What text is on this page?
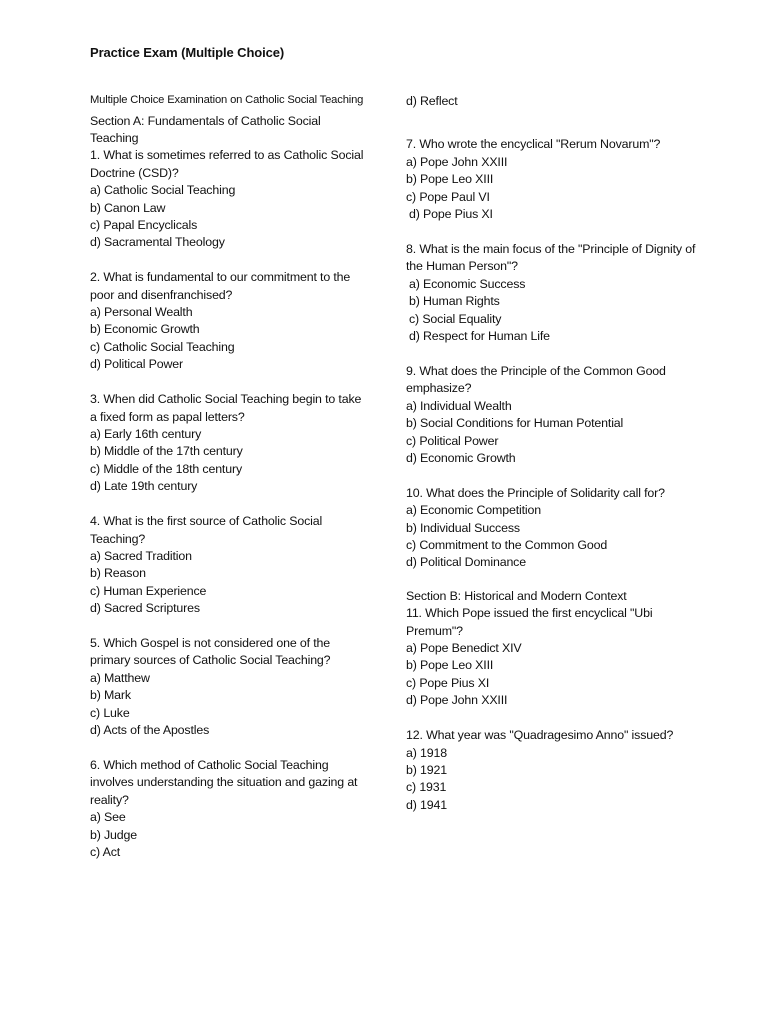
Practice Exam (Multiple Choice)
Multiple Choice Examination on Catholic Social Teaching
Section A: Fundamentals of Catholic Social Teaching
1. What is sometimes referred to as Catholic Social Doctrine (CSD)?
a) Catholic Social Teaching
b) Canon Law
c) Papal Encyclicals
d) Sacramental Theology
2. What is fundamental to our commitment to the poor and disenfranchised?
a) Personal Wealth
b) Economic Growth
c) Catholic Social Teaching
d) Political Power
3. When did Catholic Social Teaching begin to take a fixed form as papal letters?
a) Early 16th century
b) Middle of the 17th century
c) Middle of the 18th century
d) Late 19th century
4. What is the first source of Catholic Social Teaching?
a) Sacred Tradition
b) Reason
c) Human Experience
d) Sacred Scriptures
5. Which Gospel is not considered one of the primary sources of Catholic Social Teaching?
a) Matthew
b) Mark
c) Luke
d) Acts of the Apostles
6. Which method of Catholic Social Teaching involves understanding the situation and gazing at reality?
a) See
b) Judge
c) Act
d) Reflect
7. Who wrote the encyclical "Rerum Novarum"?
a) Pope John XXIII
b) Pope Leo XIII
c) Pope Paul VI
d) Pope Pius XI
8. What is the main focus of the "Principle of Dignity of the Human Person"?
a) Economic Success
b) Human Rights
c) Social Equality
d) Respect for Human Life
9. What does the Principle of the Common Good emphasize?
a) Individual Wealth
b) Social Conditions for Human Potential
c) Political Power
d) Economic Growth
10. What does the Principle of Solidarity call for?
a) Economic Competition
b) Individual Success
c) Commitment to the Common Good
d) Political Dominance
Section B: Historical and Modern Context
11. Which Pope issued the first encyclical "Ubi Premum"?
a) Pope Benedict XIV
b) Pope Leo XIII
c) Pope Pius XI
d) Pope John XXIII
12. What year was "Quadragesimo Anno" issued?
a) 1918
b) 1921
c) 1931
d) 1941
